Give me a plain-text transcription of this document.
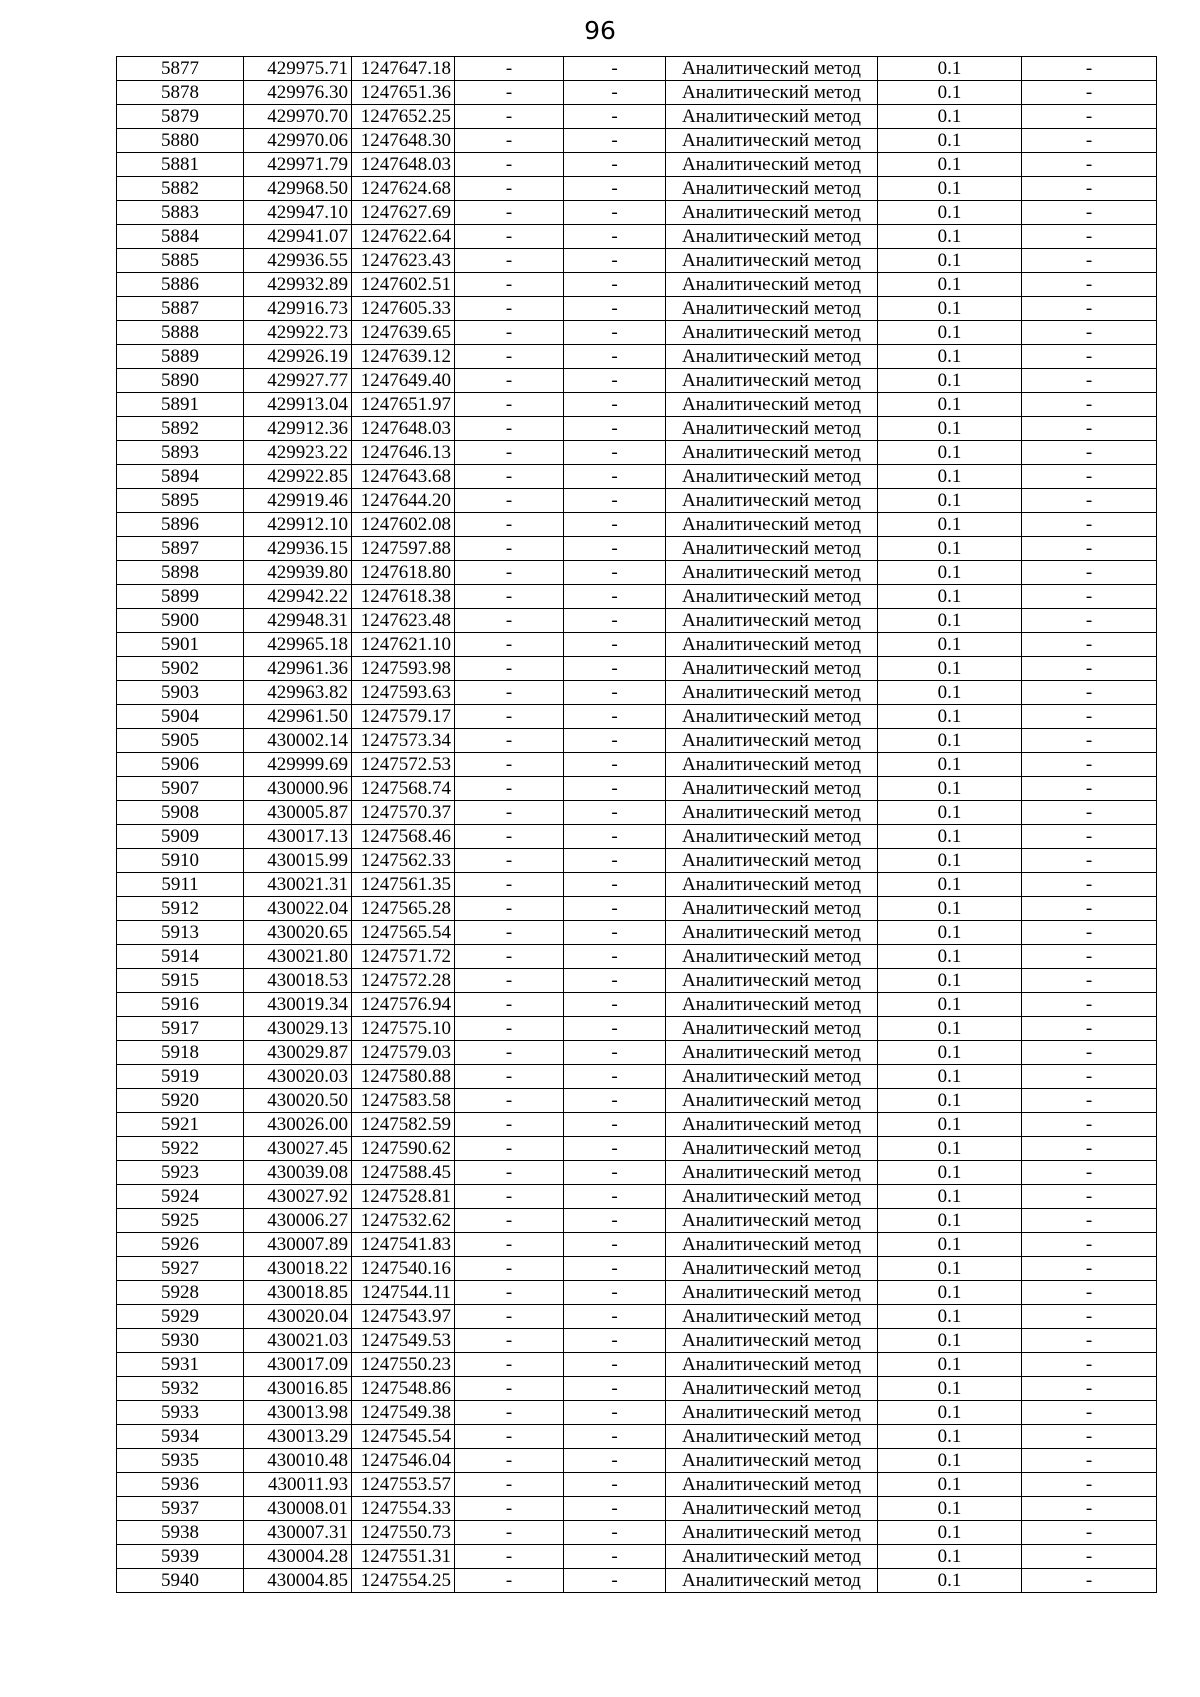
96
5877	429975.71	1247647.18	-	-	Аналитический метод	0.1	-
5878	429976.30	1247651.36	-	-	Аналитический метод	0.1	-
5879	429970.70	1247652.25	-	-	Аналитический метод	0.1	-
5880	429970.06	1247648.30	-	-	Аналитический метод	0.1	-
5881	429971.79	1247648.03	-	-	Аналитический метод	0.1	-
5882	429968.50	1247624.68	-	-	Аналитический метод	0.1	-
5883	429947.10	1247627.69	-	-	Аналитический метод	0.1	-
5884	429941.07	1247622.64	-	-	Аналитический метод	0.1	-
5885	429936.55	1247623.43	-	-	Аналитический метод	0.1	-
5886	429932.89	1247602.51	-	-	Аналитический метод	0.1	-
5887	429916.73	1247605.33	-	-	Аналитический метод	0.1	-
5888	429922.73	1247639.65	-	-	Аналитический метод	0.1	-
5889	429926.19	1247639.12	-	-	Аналитический метод	0.1	-
5890	429927.77	1247649.40	-	-	Аналитический метод	0.1	-
5891	429913.04	1247651.97	-	-	Аналитический метод	0.1	-
5892	429912.36	1247648.03	-	-	Аналитический метод	0.1	-
5893	429923.22	1247646.13	-	-	Аналитический метод	0.1	-
5894	429922.85	1247643.68	-	-	Аналитический метод	0.1	-
5895	429919.46	1247644.20	-	-	Аналитический метод	0.1	-
5896	429912.10	1247602.08	-	-	Аналитический метод	0.1	-
5897	429936.15	1247597.88	-	-	Аналитический метод	0.1	-
5898	429939.80	1247618.80	-	-	Аналитический метод	0.1	-
5899	429942.22	1247618.38	-	-	Аналитический метод	0.1	-
5900	429948.31	1247623.48	-	-	Аналитический метод	0.1	-
5901	429965.18	1247621.10	-	-	Аналитический метод	0.1	-
5902	429961.36	1247593.98	-	-	Аналитический метод	0.1	-
5903	429963.82	1247593.63	-	-	Аналитический метод	0.1	-
5904	429961.50	1247579.17	-	-	Аналитический метод	0.1	-
5905	430002.14	1247573.34	-	-	Аналитический метод	0.1	-
5906	429999.69	1247572.53	-	-	Аналитический метод	0.1	-
5907	430000.96	1247568.74	-	-	Аналитический метод	0.1	-
5908	430005.87	1247570.37	-	-	Аналитический метод	0.1	-
5909	430017.13	1247568.46	-	-	Аналитический метод	0.1	-
5910	430015.99	1247562.33	-	-	Аналитический метод	0.1	-
5911	430021.31	1247561.35	-	-	Аналитический метод	0.1	-
5912	430022.04	1247565.28	-	-	Аналитический метод	0.1	-
5913	430020.65	1247565.54	-	-	Аналитический метод	0.1	-
5914	430021.80	1247571.72	-	-	Аналитический метод	0.1	-
5915	430018.53	1247572.28	-	-	Аналитический метод	0.1	-
5916	430019.34	1247576.94	-	-	Аналитический метод	0.1	-
5917	430029.13	1247575.10	-	-	Аналитический метод	0.1	-
5918	430029.87	1247579.03	-	-	Аналитический метод	0.1	-
5919	430020.03	1247580.88	-	-	Аналитический метод	0.1	-
5920	430020.50	1247583.58	-	-	Аналитический метод	0.1	-
5921	430026.00	1247582.59	-	-	Аналитический метод	0.1	-
5922	430027.45	1247590.62	-	-	Аналитический метод	0.1	-
5923	430039.08	1247588.45	-	-	Аналитический метод	0.1	-
5924	430027.92	1247528.81	-	-	Аналитический метод	0.1	-
5925	430006.27	1247532.62	-	-	Аналитический метод	0.1	-
5926	430007.89	1247541.83	-	-	Аналитический метод	0.1	-
5927	430018.22	1247540.16	-	-	Аналитический метод	0.1	-
5928	430018.85	1247544.11	-	-	Аналитический метод	0.1	-
5929	430020.04	1247543.97	-	-	Аналитический метод	0.1	-
5930	430021.03	1247549.53	-	-	Аналитический метод	0.1	-
5931	430017.09	1247550.23	-	-	Аналитический метод	0.1	-
5932	430016.85	1247548.86	-	-	Аналитический метод	0.1	-
5933	430013.98	1247549.38	-	-	Аналитический метод	0.1	-
5934	430013.29	1247545.54	-	-	Аналитический метод	0.1	-
5935	430010.48	1247546.04	-	-	Аналитический метод	0.1	-
5936	430011.93	1247553.57	-	-	Аналитический метод	0.1	-
5937	430008.01	1247554.33	-	-	Аналитический метод	0.1	-
5938	430007.31	1247550.73	-	-	Аналитический метод	0.1	-
5939	430004.28	1247551.31	-	-	Аналитический метод	0.1	-
5940	430004.85	1247554.25	-	-	Аналитический метод	0.1	-
